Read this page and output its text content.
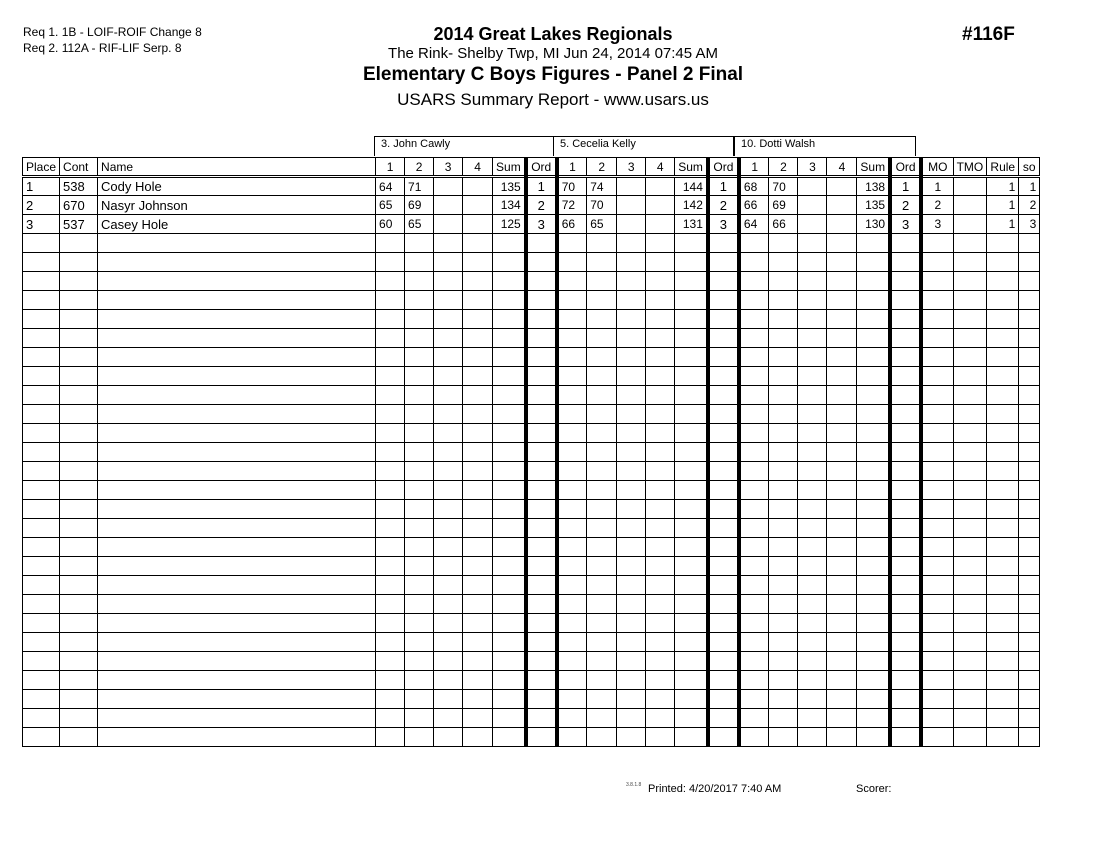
Req 1. 1B - LOIF-ROIF Change 8
Req 2. 112A - RIF-LIF Serp. 8
2014 Great Lakes Regionals
The Rink- Shelby Twp, MI Jun 24, 2014 07:45 AM
Elementary C Boys Figures - Panel 2 Final
USARS Summary Report - www.usars.us
#116F
3. John Cawly	5. Cecelia Kelly	10. Dotti Walsh
Place	Cont	Name	1	2	3	4	Sum	Ord	1	2	3	4	Sum	Ord	1	2	3	4	Sum	Ord	MO	TMO	Rule	so
1	538	Cody Hole	64	71			135	1	70	74			144	1	68	70			138	1	1		1	1
2	670	Nasyr Johnson	65	69			134	2	72	70			142	2	66	69			135	2	2		1	2
3	537	Casey Hole	60	65			125	3	66	65			131	3	64	66			130	3	3		1	3

3.8.1.8 Printed: 4/20/2017 7:40 AM	Scorer:
